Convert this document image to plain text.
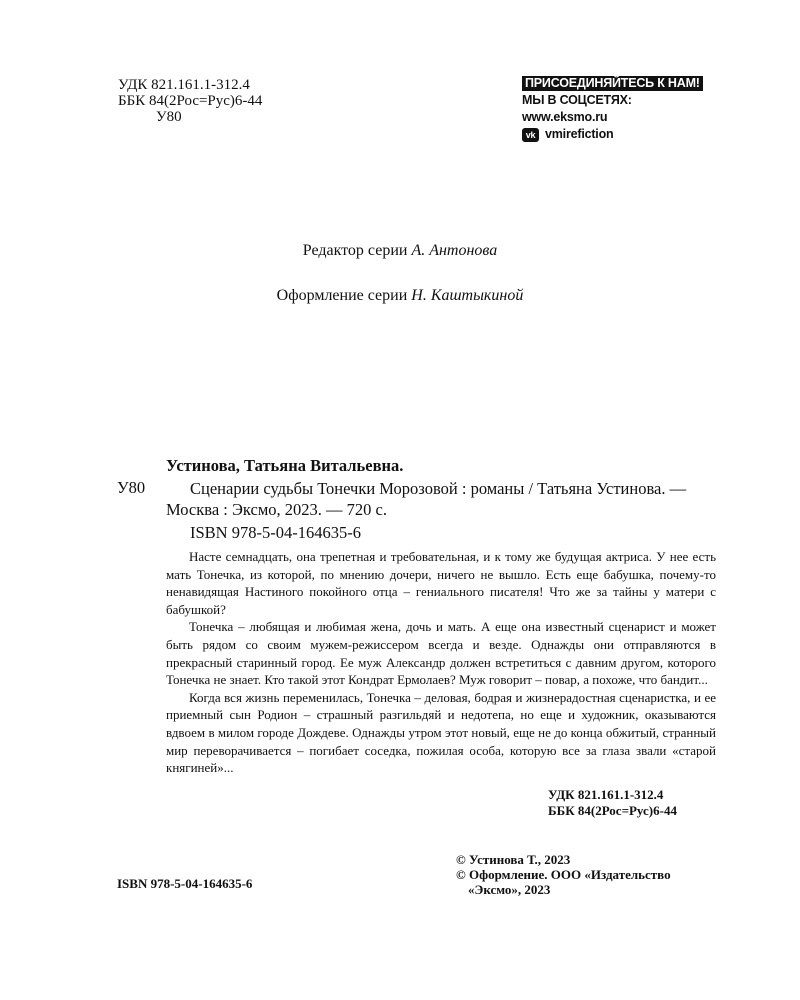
УДК 821.161.1-312.4
ББК 84(2Рос=Рус)6-44
У80
ПРИСОЕДИНЯЙТЕСЬ К НАМ!
МЫ В СОЦСЕТЯХ:
www.eksmo.ru
vk vmirefiction
Редактор серии А. Антонова
Оформление серии Н. Каштыкиной
Устинова, Татьяна Витальевна.
У80	Сценарии судьбы Тонечки Морозовой : романы / Татьяна Устинова. — Москва : Эксмо, 2023. — 720 с.
ISBN 978-5-04-164635-6

Насте семнадцать, она трепетная и требовательная, и к тому же будущая актриса. У нее есть мать Тонечка, из которой, по мнению дочери, ничего не вышло. Есть еще бабушка, почему-то ненавидящая Настиного покойного отца – гениального писателя! Что же за тайны у матери с бабушкой?

Тонечка – любящая и любимая жена, дочь и мать. А еще она известный сценарист и может быть рядом со своим мужем-режиссером всегда и везде. Однажды они отправляются в прекрасный старинный город. Ее муж Александр должен встретиться с давним другом, которого Тонечка не знает. Кто такой этот Кондрат Ермолаев? Муж говорит – повар, а похоже, что бандит...

Когда вся жизнь переменилась, Тонечка – деловая, бодрая и жизнерадостная сценаристка, и ее приемный сын Родион – страшный разгильдяй и недотепа, но еще и художник, оказываются вдвоем в милом городе Дождеве. Однажды утром этот новый, еще не до конца обжитый, странный мир переворачивается – погибает соседка, пожилая особа, которую все за глаза звали «старой княгиней»...

УДК 821.161.1-312.4
ББК 84(2Рос=Рус)6-44
© Устинова Т., 2023
© Оформление. ООО «Издательство
«Эксмо», 2023
ISBN 978-5-04-164635-6
